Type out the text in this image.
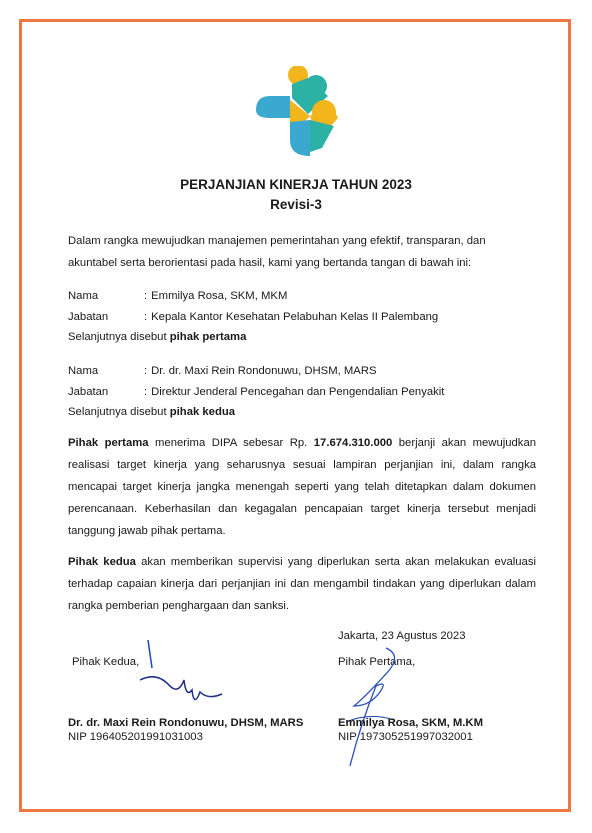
PERJANJIAN KINERJA TAHUN 2023
Revisi-3

Dalam rangka mewujudkan manajemen pemerintahan yang efektif, transparan, dan akuntabel serta berorientasi pada hasil, kami yang bertanda tangan di bawah ini:

Nama	: Emmilya Rosa, SKM, MKM
Jabatan	: Kepala Kantor Kesehatan Pelabuhan Kelas II Palembang
Selanjutnya disebut pihak pertama
Nama	: Dr. dr. Maxi Rein Rondonuwu, DHSM, MARS
Jabatan	: Direktur Jenderal Pencegahan dan Pengendalian Penyakit
Selanjutnya disebut pihak kedua

Pihak pertama menerima DIPA sebesar Rp. 17.674.310.000 berjanji akan mewujudkan realisasi target kinerja yang seharusnya sesuai lampiran perjanjian ini, dalam rangka mencapai target kinerja jangka menengah seperti yang telah ditetapkan dalam dokumen perencanaan. Keberhasilan dan kegagalan pencapaian target kinerja tersebut menjadi tanggung jawab pihak pertama.

Pihak kedua akan memberikan supervisi yang diperlukan serta akan melakukan evaluasi terhadap capaian kinerja dari perjanjian ini dan mengambil tindakan yang diperlukan dalam rangka pemberian penghargaan dan sanksi.

Jakarta, 23 Agustus 2023
Pihak Kedua,	Pihak Pertama,
Dr. dr. Maxi Rein Rondonuwu, DHSM, MARS
NIP 196405201991031003
Emmilya Rosa, SKM, M.KM
NIP 197305251997032001
